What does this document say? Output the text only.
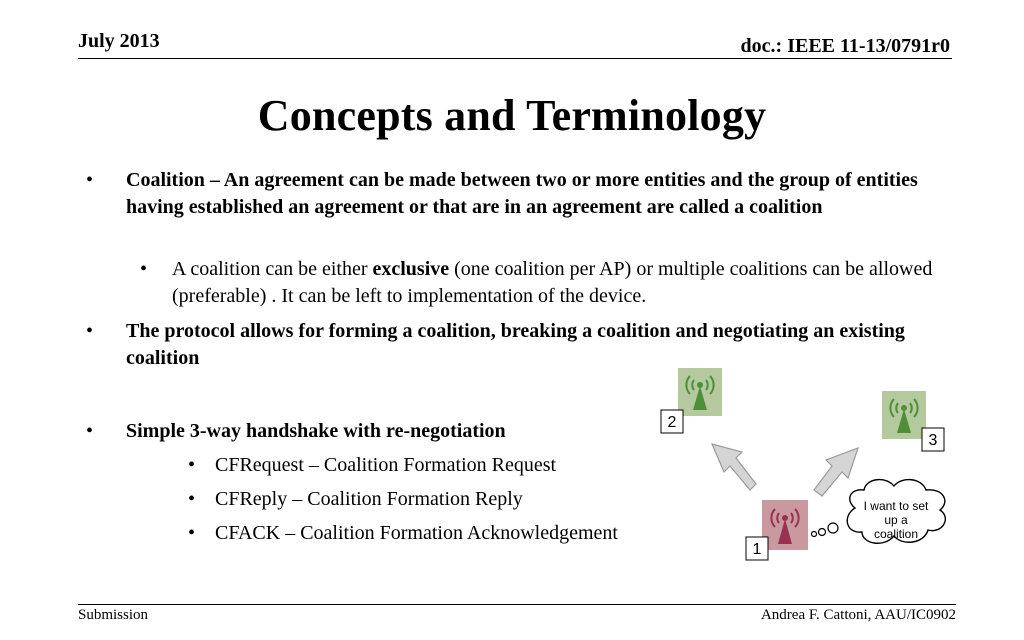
July 2013	doc.: IEEE 11-13/0791r0
Concepts and Terminology
• Coalition – An agreement can be made between two or more entities and the group of entities having established an agreement or that are in an agreement are called a coalition
• A coalition can be either exclusive (one coalition per AP) or multiple coalitions can be allowed (preferable) . It can be left to implementation of the device.
• The protocol allows for forming a coalition, breaking a coalition and negotiating an existing coalition
• Simple 3-way handshake with re-negotiation
• CFRequest – Coalition Formation Request
• CFReply – Coalition Formation Reply
• CFACK – Coalition Formation Acknowledgement
2
3
1
I want to set
up a
coalition
Submission	Andrea F. Cattoni, AAU/IC0902
